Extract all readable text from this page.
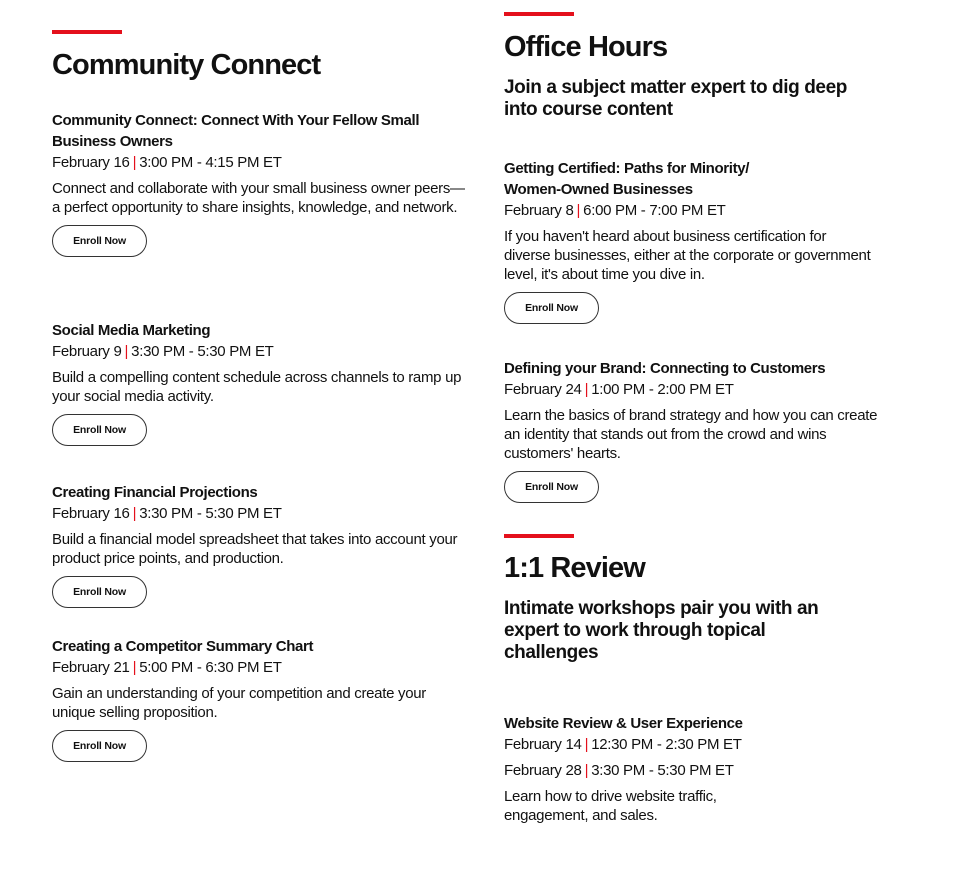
Community Connect
Community Connect: Connect With Your Fellow Small Business Owners
February 16 | 3:00 PM - 4:15 PM ET
Connect and collaborate with your small business owner peers—a perfect opportunity to share insights, knowledge, and network.
Enroll Now
Social Media Marketing
February 9 | 3:30 PM - 5:30 PM ET
Build a compelling content schedule across channels to ramp up your social media activity.
Enroll Now
Creating Financial Projections
February 16 | 3:30 PM - 5:30 PM ET
Build a financial model spreadsheet that takes into account your product price points, and production.
Enroll Now
Creating a Competitor Summary Chart
February 21 | 5:00 PM - 6:30 PM ET
Gain an understanding of your competition and create your unique selling proposition.
Enroll Now
Office Hours
Join a subject matter expert to dig deep into course content
Getting Certified: Paths for Minority/ Women-Owned Businesses
February 8 | 6:00 PM - 7:00 PM ET
If you haven't heard about business certification for diverse businesses, either at the corporate or government level, it's about time you dive in.
Enroll Now
Defining your Brand: Connecting to Customers
February 24 | 1:00 PM - 2:00 PM ET
Learn the basics of brand strategy and how you can create an identity that stands out from the crowd and wins customers' hearts.
Enroll Now
1:1 Review
Intimate workshops pair you with an expert to work through topical challenges
Website Review & User Experience
February 14 | 12:30 PM - 2:30 PM ET
February 28 | 3:30 PM - 5:30 PM ET
Learn how to drive website traffic, engagement, and sales.
